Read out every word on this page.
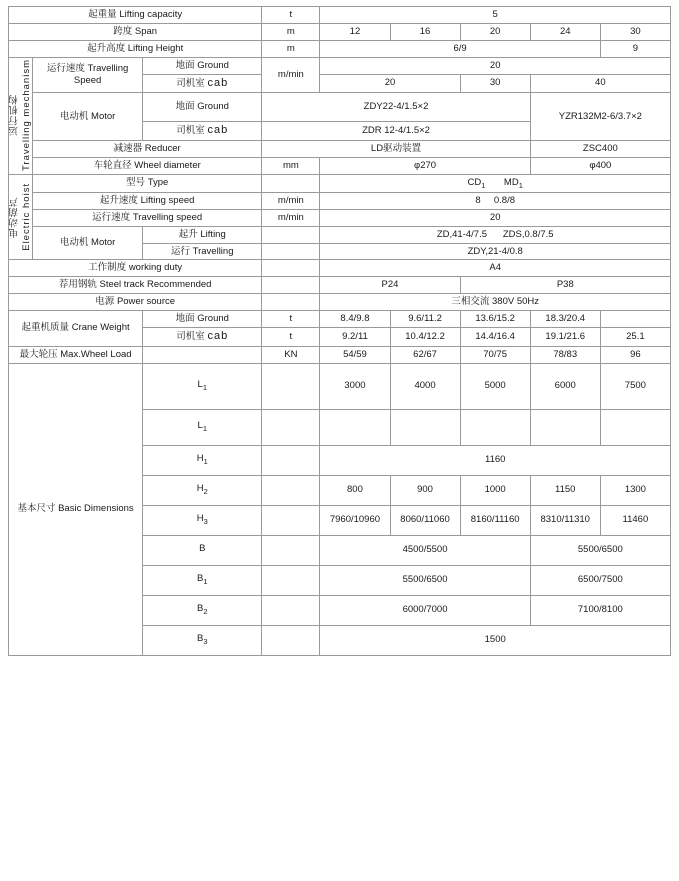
起重量 Lifting capacity			t	5				
跨度 Span			m	12	16	20	24	30
起升高度 Lifting Height			m	6/9				9

运行机构 Travelling mechanism	运行速度 Travelling Speed	地面 Ground	m/min	20				
		司机室 cab		20		30	40	
	电动机 Motor	地面 Ground	ZDY22-4/1.5×2				YZR132M2-6/3.7×2	
		司机室 cab	ZDR 12-4/1.5×2					
	减速器 Reducer		LD驱动装置				ZSC400	
	车轮直径 Wheel diameter		mm	φ270			φ400	

电动葫芦 Electric hoist	型号 Type			$CD_1$ $MD_1$
	起升速度 Lifting speed		m/min	8 0.8/8				
	运行速度 Travelling speed		m/min	20				
	电动机 Motor	起升 Lifting		ZD,41-4/7.5 ZDS,0.8/7.5				
		运行 Travelling		ZDY,21-4/0.8				
工作制度 working duty				A4				
荐用钢轨 Steel track Recommended				P24		P38		
电源 Power source				三相交流 380V 50Hz				
起重机质量 Crane Weight		地面 Ground	t	8.4/9.8	9.6/11.2	13.6/15.2	18.3/20.4	
		司机室 cab	t	9.2/11	10.4/12.2	14.4/16.4	19.1/21.6	25.1
最大轮压 Max.Wheel Load			KN	54/59	62/67	70/75	78/83	96
基本尺寸 Basic Dimensions		$L_1$		3000	4000	5000	6000	7500
		$L_1$						
		$H_1$		1160				
		$H_2$		800	900	1000	1150	1300
		$H_3$		7960/10960	8060/11060	8160/11160	8310/11310	11460
		B		4500/5500			5500/6500	
		$B_1$		5500/6500			6500/7500	
		$B_2$		6000/7000			7100/8100	
		$B_3$		1500				
